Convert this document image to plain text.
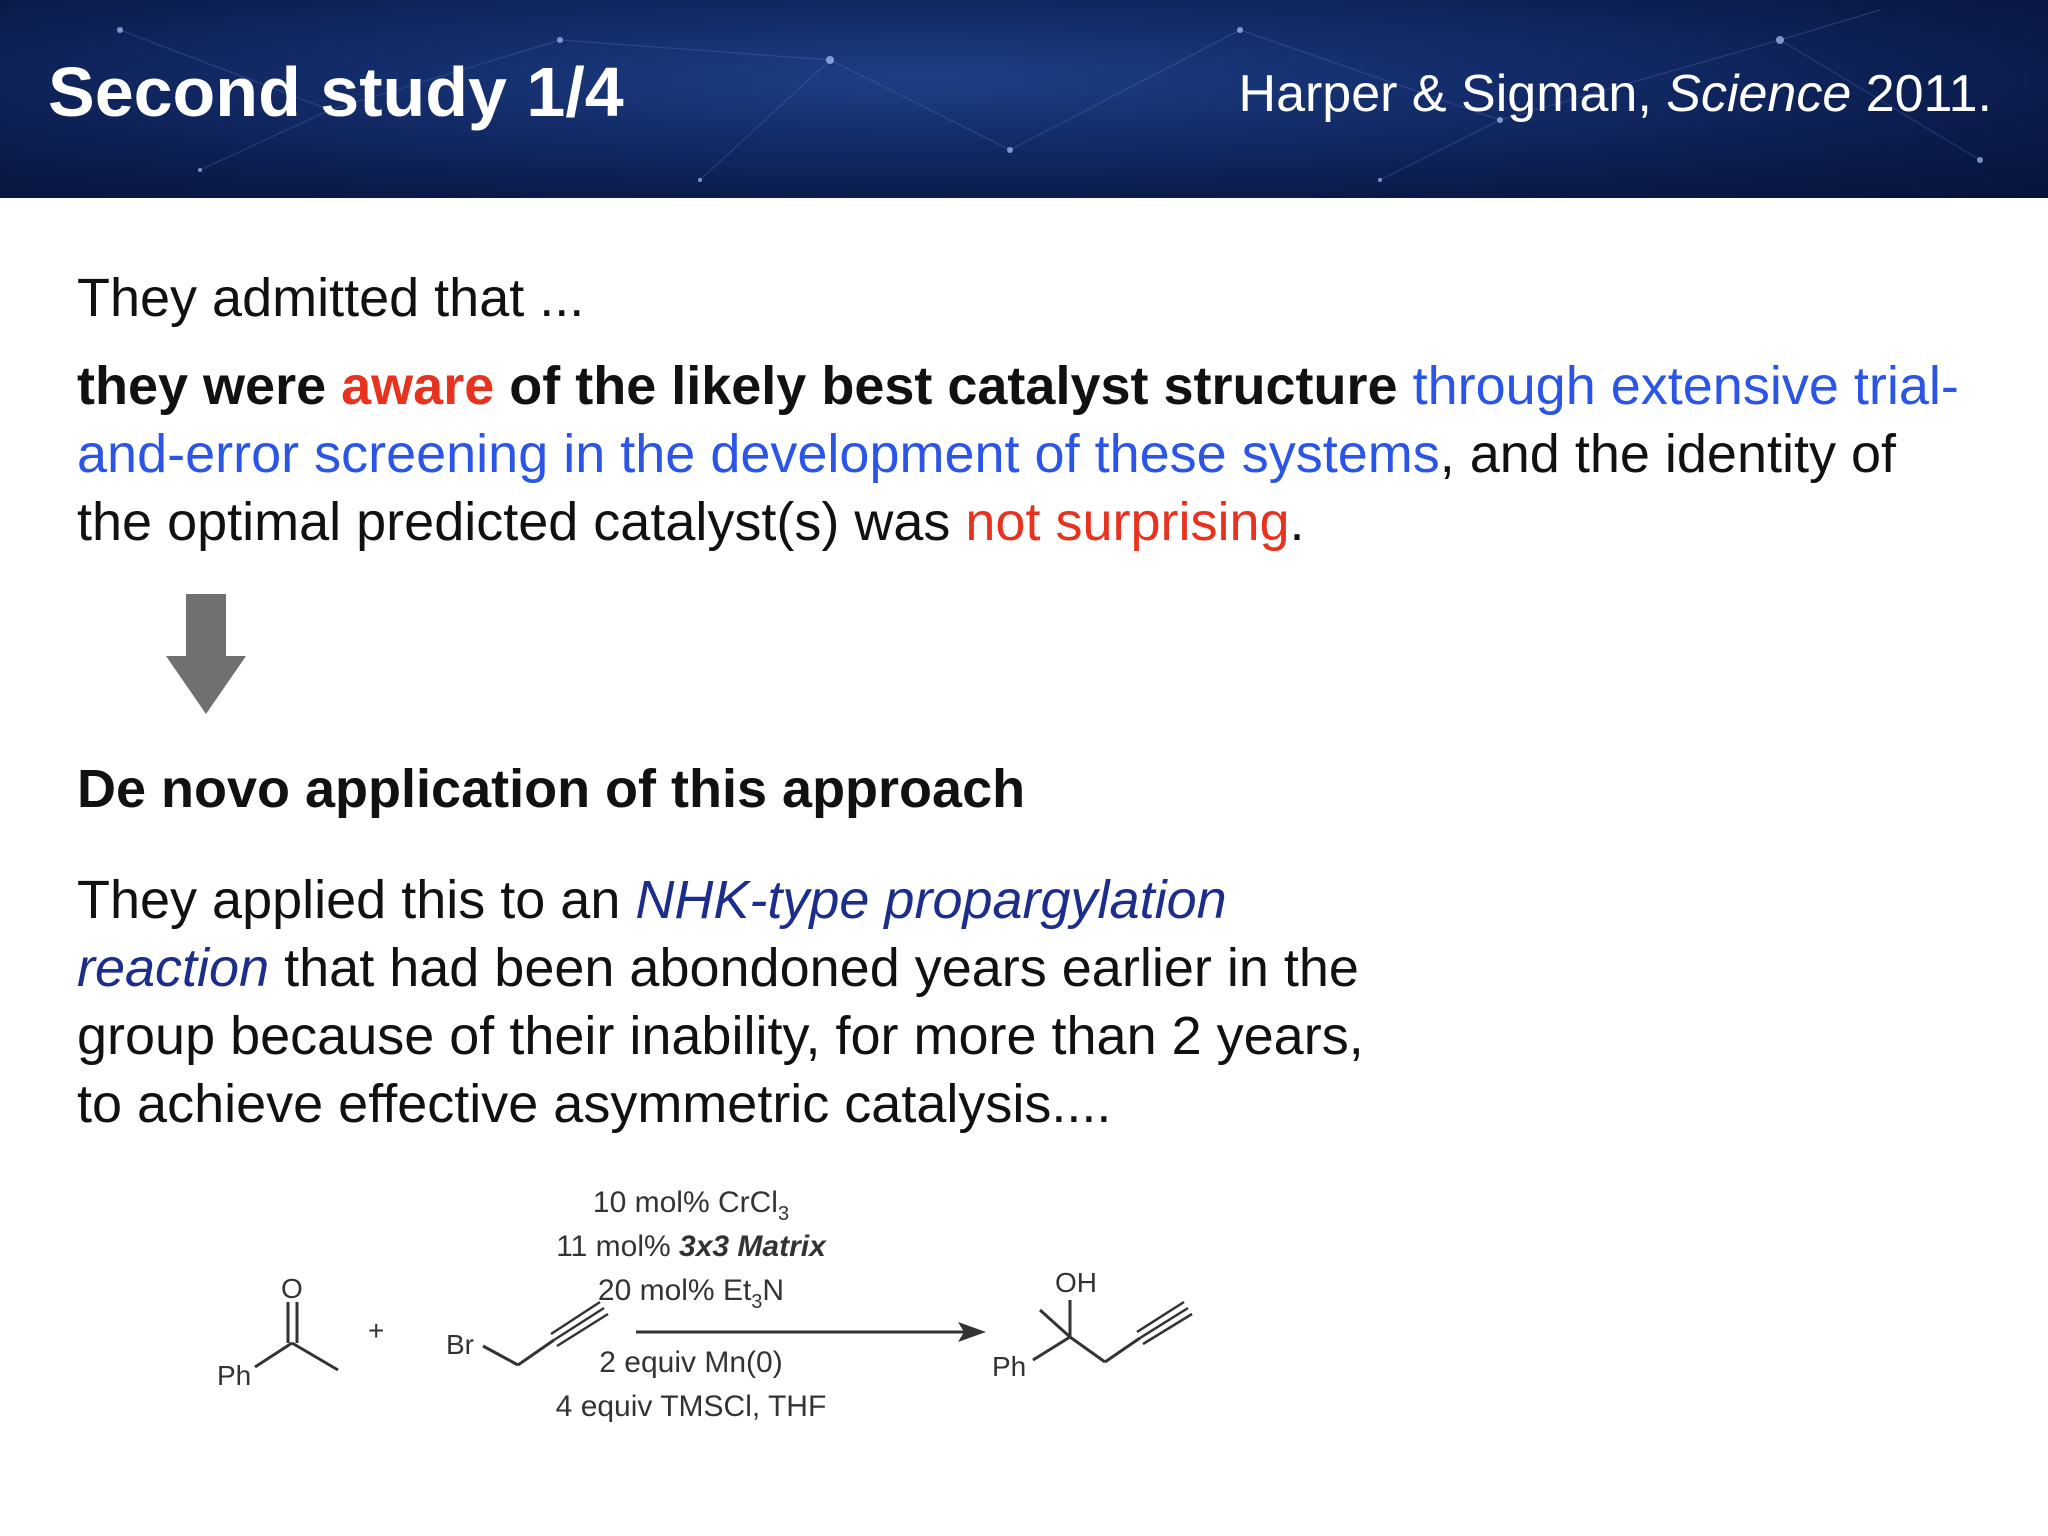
Second study 1/4	Harper & Sigman, Science 2011.
They admitted that ...
they were aware of the likely best catalyst structure through extensive trial-and-error screening in the development of these systems, and the identity of the optimal predicted catalyst(s) was not surprising.
De novo application of this approach
They applied this to an NHK-type propargylation reaction that had been abondoned years earlier in the group because of their inability, for more than 2 years, to achieve effective asymmetric catalysis....
Ph
O
+ Br
10 mol% CrCl$_3$
11 mol% 3x3 Matrix
20 mol% $Et_3N$
2 equiv Mn(0)
4 equiv TMSCl, THF
Ph
OH
